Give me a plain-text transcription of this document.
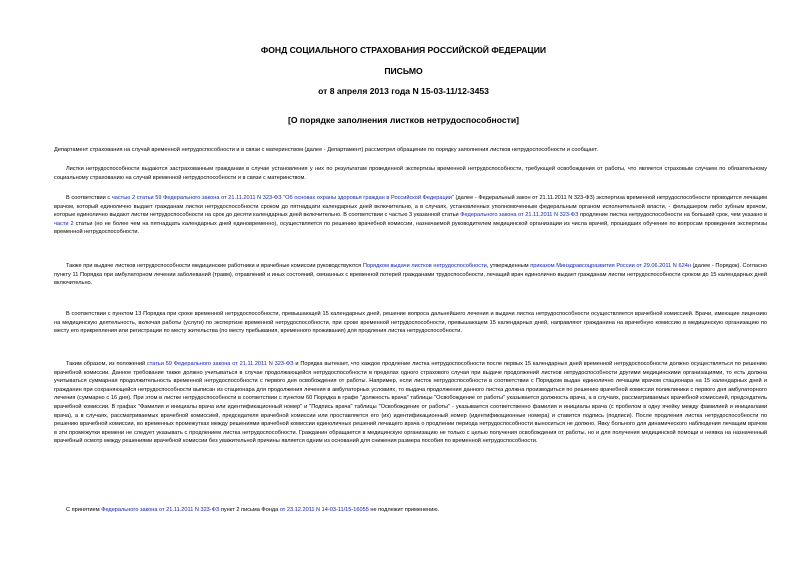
ФОНД СОЦИАЛЬНОГО СТРАХОВАНИЯ РОССИЙСКОЙ ФЕДЕРАЦИИ
ПИСЬМО
от 8 апреля 2013 года N 15-03-11/12-3453
[О порядке заполнения листков нетрудоспособности]

Департамент страхования на случай временной нетрудоспособности и в связи с материнством (далее - Департамент) рассмотрел обращение по порядку заполнения листков нетрудоспособности и сообщает.

Листки нетрудоспособности выдаются застрахованным гражданам в случае установления у них по результатам проведенной экспертизы временной нетрудоспособности, требующей освобождения от работы, что является страховым случаем по обязательному социальному страхованию на случай временной нетрудоспособности и в связи с материнством.

В соответствии с частью 2 статьи 59 Федерального закона от 21.11.2011 N 323-ФЗ "Об основах охраны здоровья граждан в Российской Федерации" (далее - Федеральный закон от 21.11.2011 N 323-ФЗ) экспертиза временной нетрудоспособности проводится лечащим врачом, который единолично выдает гражданам листки нетрудоспособности сроком до пятнадцати календарных дней включительно, а в случаях, установленных уполномоченным федеральным органом исполнительной власти, - фельдшером либо зубным врачом, которые единолично выдают листки нетрудоспособности на срок до десяти календарных дней включительно. В соответствии с частью 3 указанной статьи Федерального закона от 21.11.2011 N 323-ФЗ продление листка нетрудоспособности на больший срок, чем указано в части 2 статьи (но не более чем на пятнадцать календарных дней единовременно), осуществляется по решению врачебной комиссии, назначаемой руководителем медицинской организации из числа врачей, прошедших обучение по вопросам проведения экспертизы временной нетрудоспособности.

Также при выдаче листков нетрудоспособности медицинские работники и врачебные комиссии руководствуются Порядком выдачи листков нетрудоспособности, утвержденным приказом Минздравсоцразвития России от 29.06.2011 N 624н (далее - Порядок). Согласно пункту 11 Порядка при амбулаторном лечении заболеваний (травм), отравлений и иных состояний, связанных с временной потерей гражданами трудоспособности, лечащий врач единолично выдает гражданам листки нетрудоспособности сроком до 15 календарных дней включительно.

В соответствии с пунктом 13 Порядка при сроке временной нетрудоспособности, превышающей 15 календарных дней, решение вопроса дальнейшего лечения и выдачи листка нетрудоспособности осуществляется врачебной комиссией. Врачи, имеющие лицензию на медицинскую деятельность, включая работы (услуги) по экспертизе временной нетрудоспособности, при сроке временной нетрудоспособности, превышающем 15 календарных дней, направляют гражданина на врачебную комиссию в медицинскую организацию по месту его прикрепления или регистрации по месту жительства (по месту пребывания, временного проживания) для продления листка нетрудоспособности.

Таким образом, из положений статьи 59 Федерального закона от 21.11.2011 N 323-ФЗ и Порядка вытекает, что каждое продление листка нетрудоспособности после первых 15 календарных дней временной нетрудоспособности должно осуществляться по решению врачебной комиссии. Данное требование также должно учитываться в случае продолжающейся нетрудоспособности в пределах одного страхового случая при выдаче продолжений листков нетрудоспособности другими медицинскими организациями, то есть должна учитываться суммарная продолжительность временной нетрудоспособности с первого дня освобождения от работы. Например, если листок нетрудоспособности в соответствии с Порядком выдан единолично лечащим врачом стационара на 15 календарных дней и гражданин при сохраняющейся нетрудоспособности выписан из стационара для продолжения лечения в амбулаторных условиях, то выдача продолжения данного листка должна производиться по решению врачебной комиссии поликлиники с первого дня амбулаторного лечения (суммарно с 16 дня). При этом в листке нетрудоспособности в соответствии с пунктом 60 Порядка в графе "должность врача" таблицы "Освобождение от работы" указывается должность врача, а в случаях, рассматриваемых врачебной комиссией, председатель врачебной комиссии. В графах "Фамилия и инициалы врача или идентификационный номер" и "Подпись врача" таблицы "Освобождение от работы" - указывается соответственно фамилия и инициалы врача (с пробелом в одну ячейку между фамилией и инициалами врача), а в случаях, рассматриваемых врачебной комиссией, председателя врачебной комиссии или проставляется его (их) идентификационный номер (идентификационные номера) и ставится подпись (подписи). После продления листка нетрудоспособности по решению врачебной комиссии, во временных промежутках между решениями врачебной комиссии единоличных решений лечащего врача о продлении периода нетрудоспособности выноситься не должно. Явку больного для динамического наблюдения лечащим врачом в эти промежутки времени не следует указывать с продлением листка нетрудоспособности. Гражданин обращается в медицинскую организацию не только с целью получения освобождения от работы, но и для получения медицинской помощи и неявка на назначенный врачебный осмотр между решениями врачебной комиссии без уважительной причины является одним из оснований для снижения размера пособия по временной нетрудоспособности.

С принятием Федерального закона от 21.11.2011 N 323-ФЗ пункт 2 письма Фонда от 23.12.2011 N 14-03-11/15-16055 не подлежит применению.
